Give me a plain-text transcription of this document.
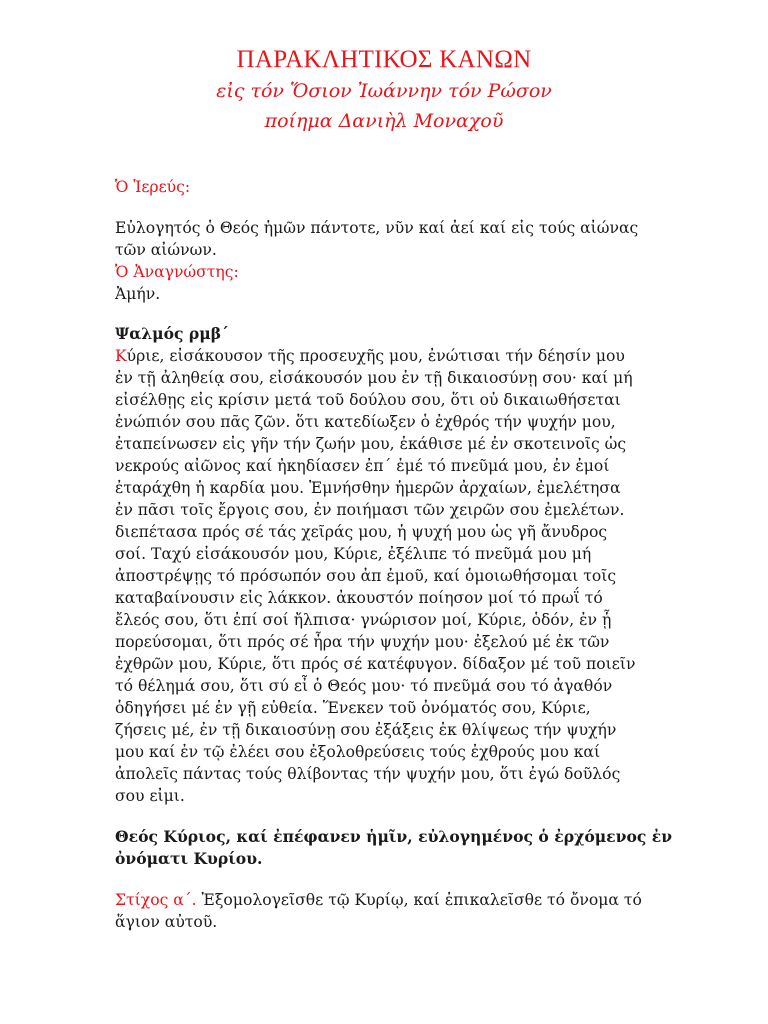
ΠΑΡΑΚΛΗΤΙΚΟΣ ΚΑΝΩΝ
εἰς τόν Ὅσιον Ἰωάννην τόν Ρώσον
ποίημα Δανιὴλ Μοναχοῦ
Ὁ Ἱερεύς:
Εὐλογητός ὁ Θεός ἡμῶν πάντοτε, νῦν καί ἀεί καί εἰς τούς αἰώνας
τῶν αἰώνων.
Ὁ Ἀναγνώστης:
Ἀμήν.
Ψαλμός ρμβ΄
Κύριε, εἰσάκουσον τῆς προσευχῆς μου, ἐνώτισαι τήν δέησίν μου
ἐν τῇ ἀληθείᾳ σου, εἰσάκουσόν μου ἐν τῇ δικαιοσύνῃ σου· καί μή
εἰσέλθῃς εἰς κρίσιν μετά τοῦ δούλου σου, ὅτι οὐ δικαιωθήσεται
ἐνώπιόν σου πᾶς ζῶν. ὅτι κατεδίωξεν ὁ ἐχθρός τήν ψυχήν μου,
ἐταπείνωσεν εἰς γῆν τήν ζωήν μου, ἐκάθισε μέ ἐν σκοτεινοῖς ὡς
νεκρούς αἰῶνος καί ἠκηδίασεν ἐπ΄ ἐμέ τό πνεῦμά μου, ἐν ἐμοί
ἐταράχθη ἡ καρδία μου. Ἐμνήσθην ἡμερῶν ἀρχαίων, ἐμελέτησα
ἐν πᾶσι τοῖς ἔργοις σου, ἐν ποιήμασι τῶν χειρῶν σου ἐμελέτων.
διεπέτασα πρός σέ τάς χεῖράς μου, ἡ ψυχή μου ὡς γῆ ἄνυδρος
σοί. Ταχύ εἰσάκουσόν μου, Κύριε, ἐξέλιπε τό πνεῦμά μου μή
ἀποστρέψῃς τό πρόσωπόν σου ἀπ ἐμοῦ, καί ὁμοιωθήσομαι τοῖς
καταβαίνουσιν εἰς λάκκον. ἀκουστόν ποίησον μοί τό πρωΐ τό
ἔλεός σου, ὅτι ἐπί σοί ἤλπισα· γνώρισον μοί, Κύριε, ὁδόν, ἐν ᾗ
πορεύσομαι, ὅτι πρός σέ ἦρα τήν ψυχήν μου· ἐξελού μέ ἐκ τῶν
ἐχθρῶν μου, Κύριε, ὅτι πρός σέ κατέφυγον. δίδαξον μέ τοῦ ποιεῖν
τό θέλημά σου, ὅτι σύ εἶ ὁ Θεός μου· τό πνεῦμά σου τό ἀγαθόν
ὁδηγήσει μέ ἐν γῇ εὐθεία. Ἕνεκεν τοῦ ὀνόματός σου, Κύριε,
ζήσεις μέ, ἐν τῇ δικαιοσύνῃ σου ἐξάξεις ἐκ θλίψεως τήν ψυχήν
μου καί ἐν τῷ ἐλέει σου ἐξολοθρεύσεις τούς ἐχθρούς μου καί
ἀπολεῖς πάντας τούς θλίβοντας τήν ψυχήν μου, ὅτι ἐγώ δοῦλός
σου εἰμι.
Θεός Κύριος, καί ἐπέφανεν ἡμῖν, εὐλογημένος ὁ ἐρχόμενος ἐν
ὀνόματι Κυρίου.
Στίχος α΄. Ἐξομολογεῖσθε τῷ Κυρίῳ, καί ἐπικαλεῖσθε τό ὄνομα τό
ἅγιον αὐτοῦ.
